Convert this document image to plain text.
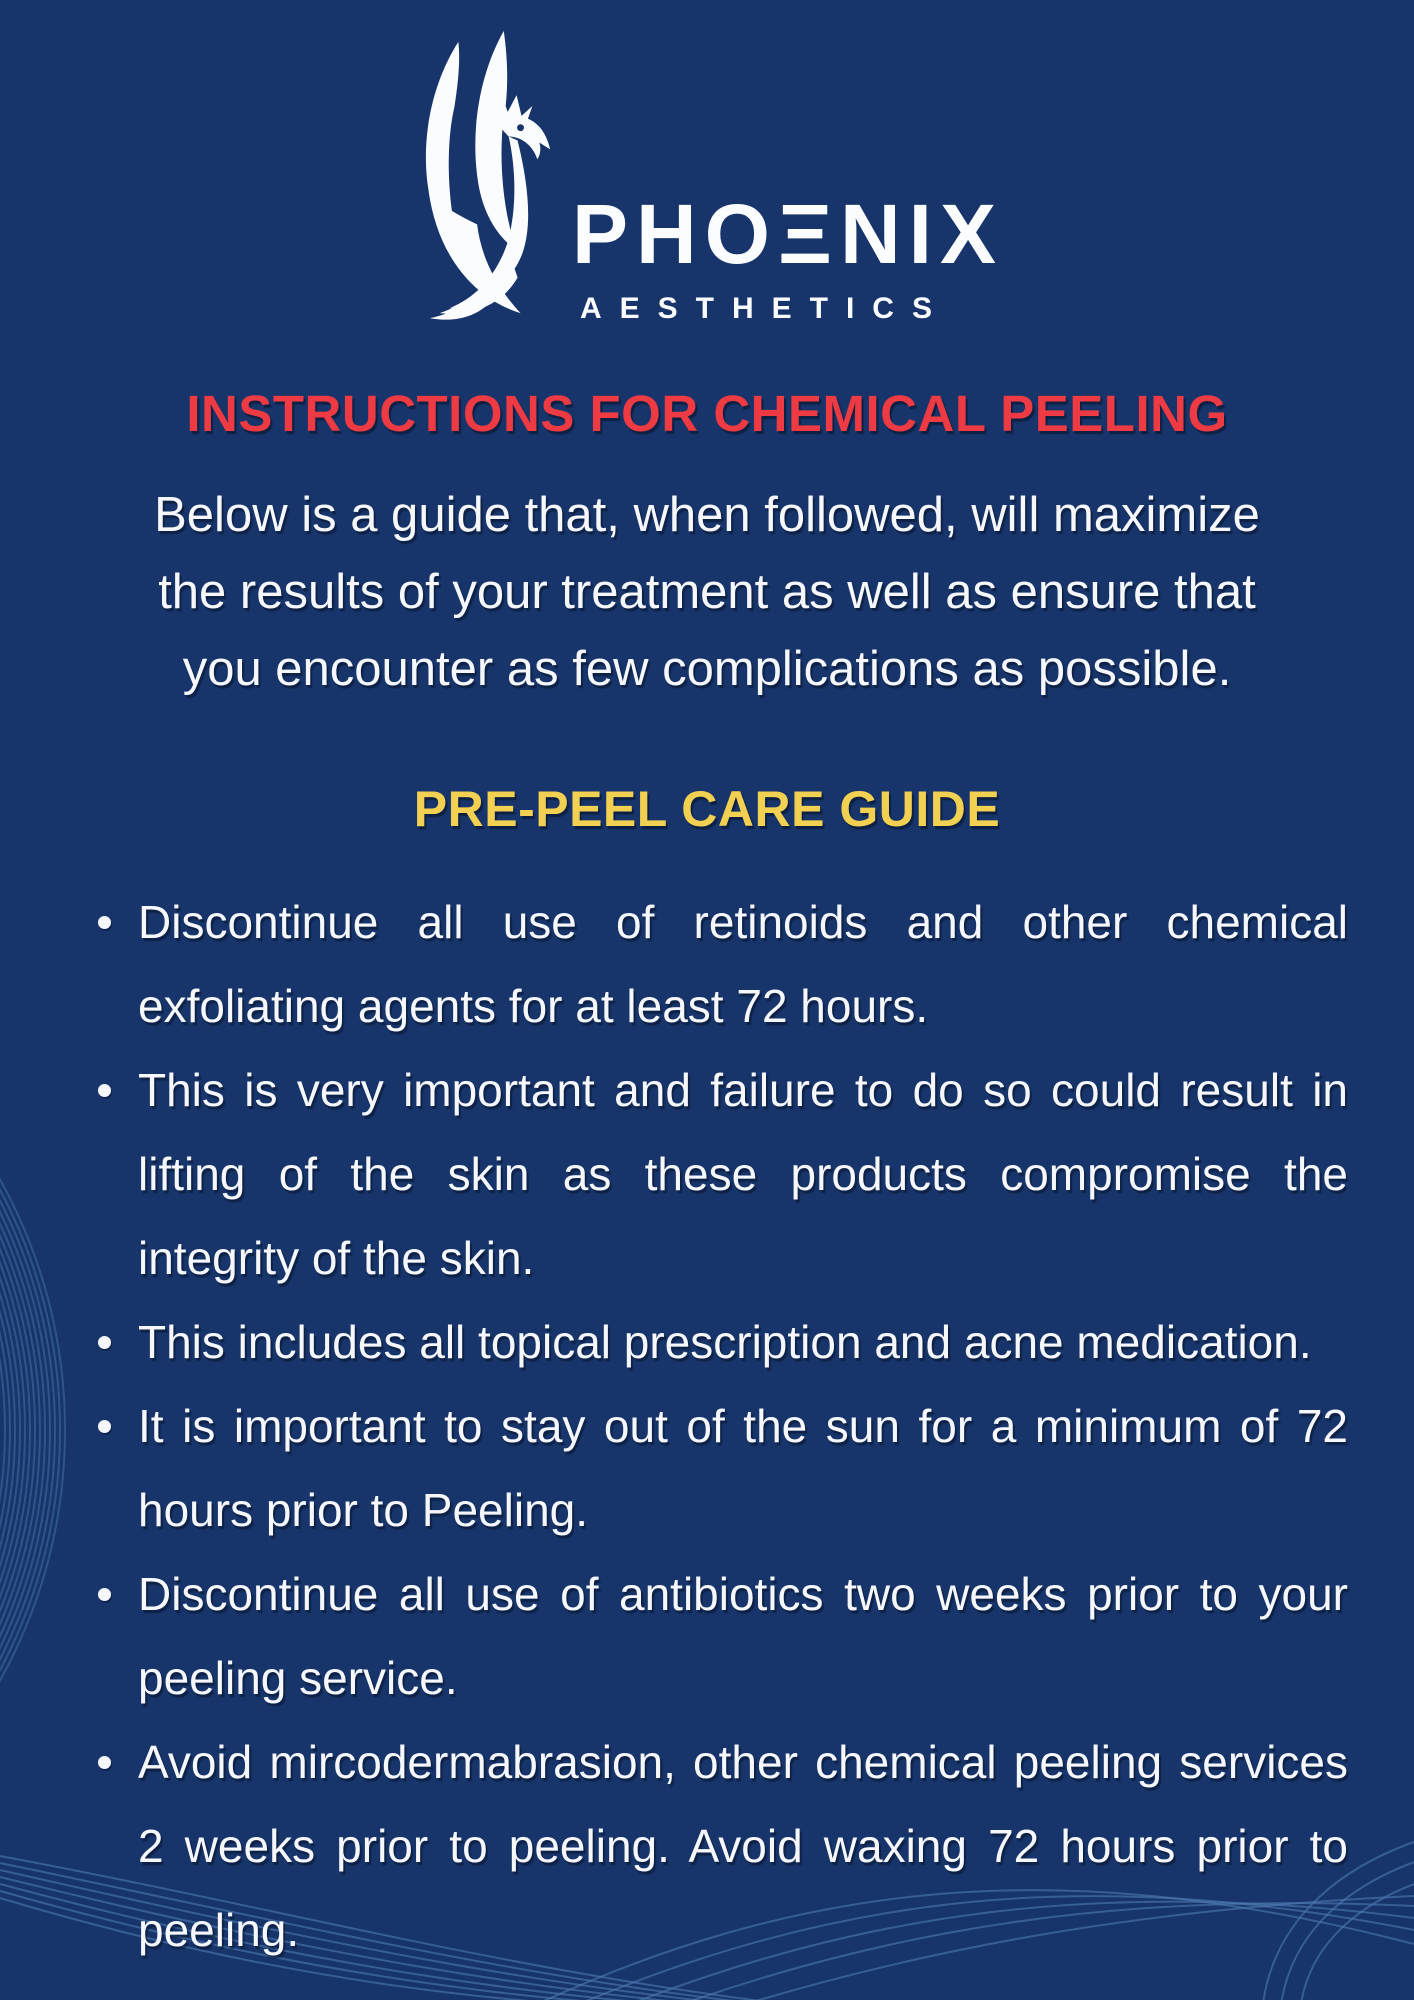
PHOΞNIX
AESTHETICS
INSTRUCTIONS FOR CHEMICAL PEELING
Below is a guide that, when followed, will maximize
the results of your treatment as well as ensure that
you encounter as few complications as possible.
PRE-PEEL CARE GUIDE
Discontinue all use of retinoids and other chemical exfoliating agents for at least 72 hours.
This is very important and failure to do so could result in lifting of the skin as these products compromise the integrity of the skin.
This includes all topical prescription and acne medication.
It is important to stay out of the sun for a minimum of 72 hours prior to Peeling.
Discontinue all use of antibiotics two weeks prior to your peeling service.
Avoid mircodermabrasion, other chemical peeling services 2 weeks prior to peeling. Avoid waxing 72 hours prior to peeling.
